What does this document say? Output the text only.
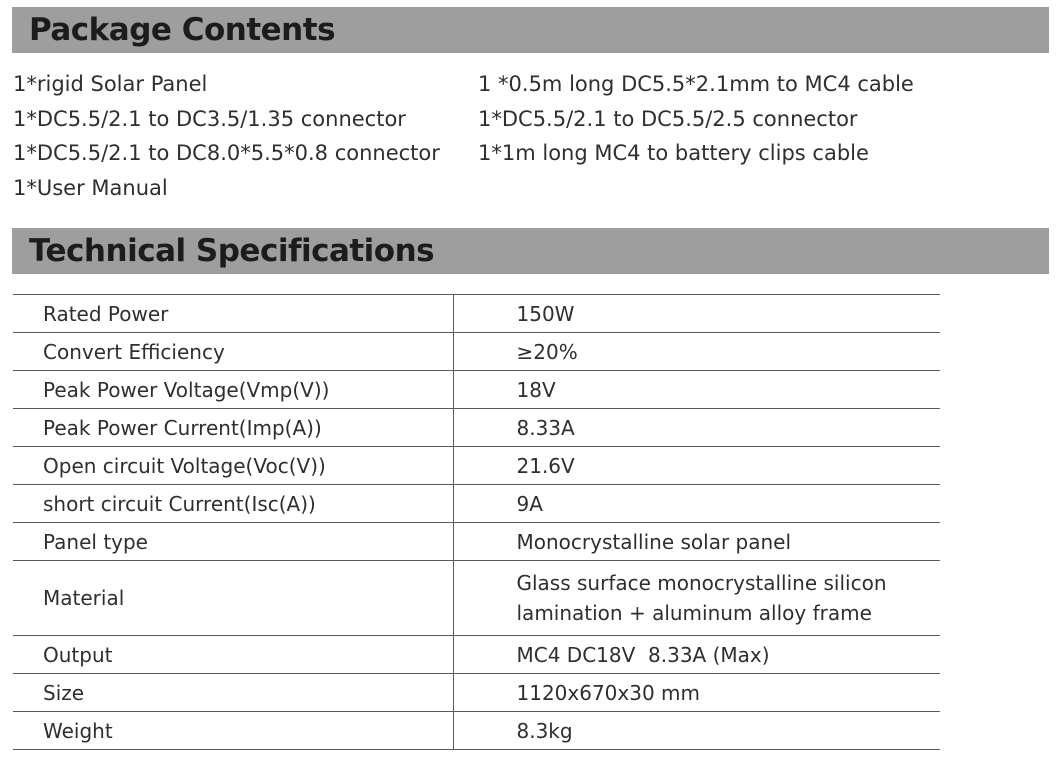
Package Contents
1*rigid Solar Panel
1*DC5.5/2.1 to DC3.5/1.35 connector
1*DC5.5/2.1 to DC8.0*5.5*0.8 connector
1*User Manual
1 *0.5m long DC5.5*2.1mm to MC4 cable
1*DC5.5/2.1 to DC5.5/2.5 connector
1*1m long MC4 to battery clips cable
Technical Specifications
Rated Power	150W
Convert Efficiency	≥20%
Peak Power Voltage(Vmp(V))	18V
Peak Power Current(Imp(A))	8.33A
Open circuit Voltage(Voc(V))	21.6V
short circuit Current(Isc(A))	9A
Panel type	Monocrystalline solar panel
Material	Glass surface monocrystalline silicon
lamination + aluminum alloy frame

Output	MC4 DC18V  8.33A (Max)
Size	1120x670x30 mm
Weight	8.3kg
